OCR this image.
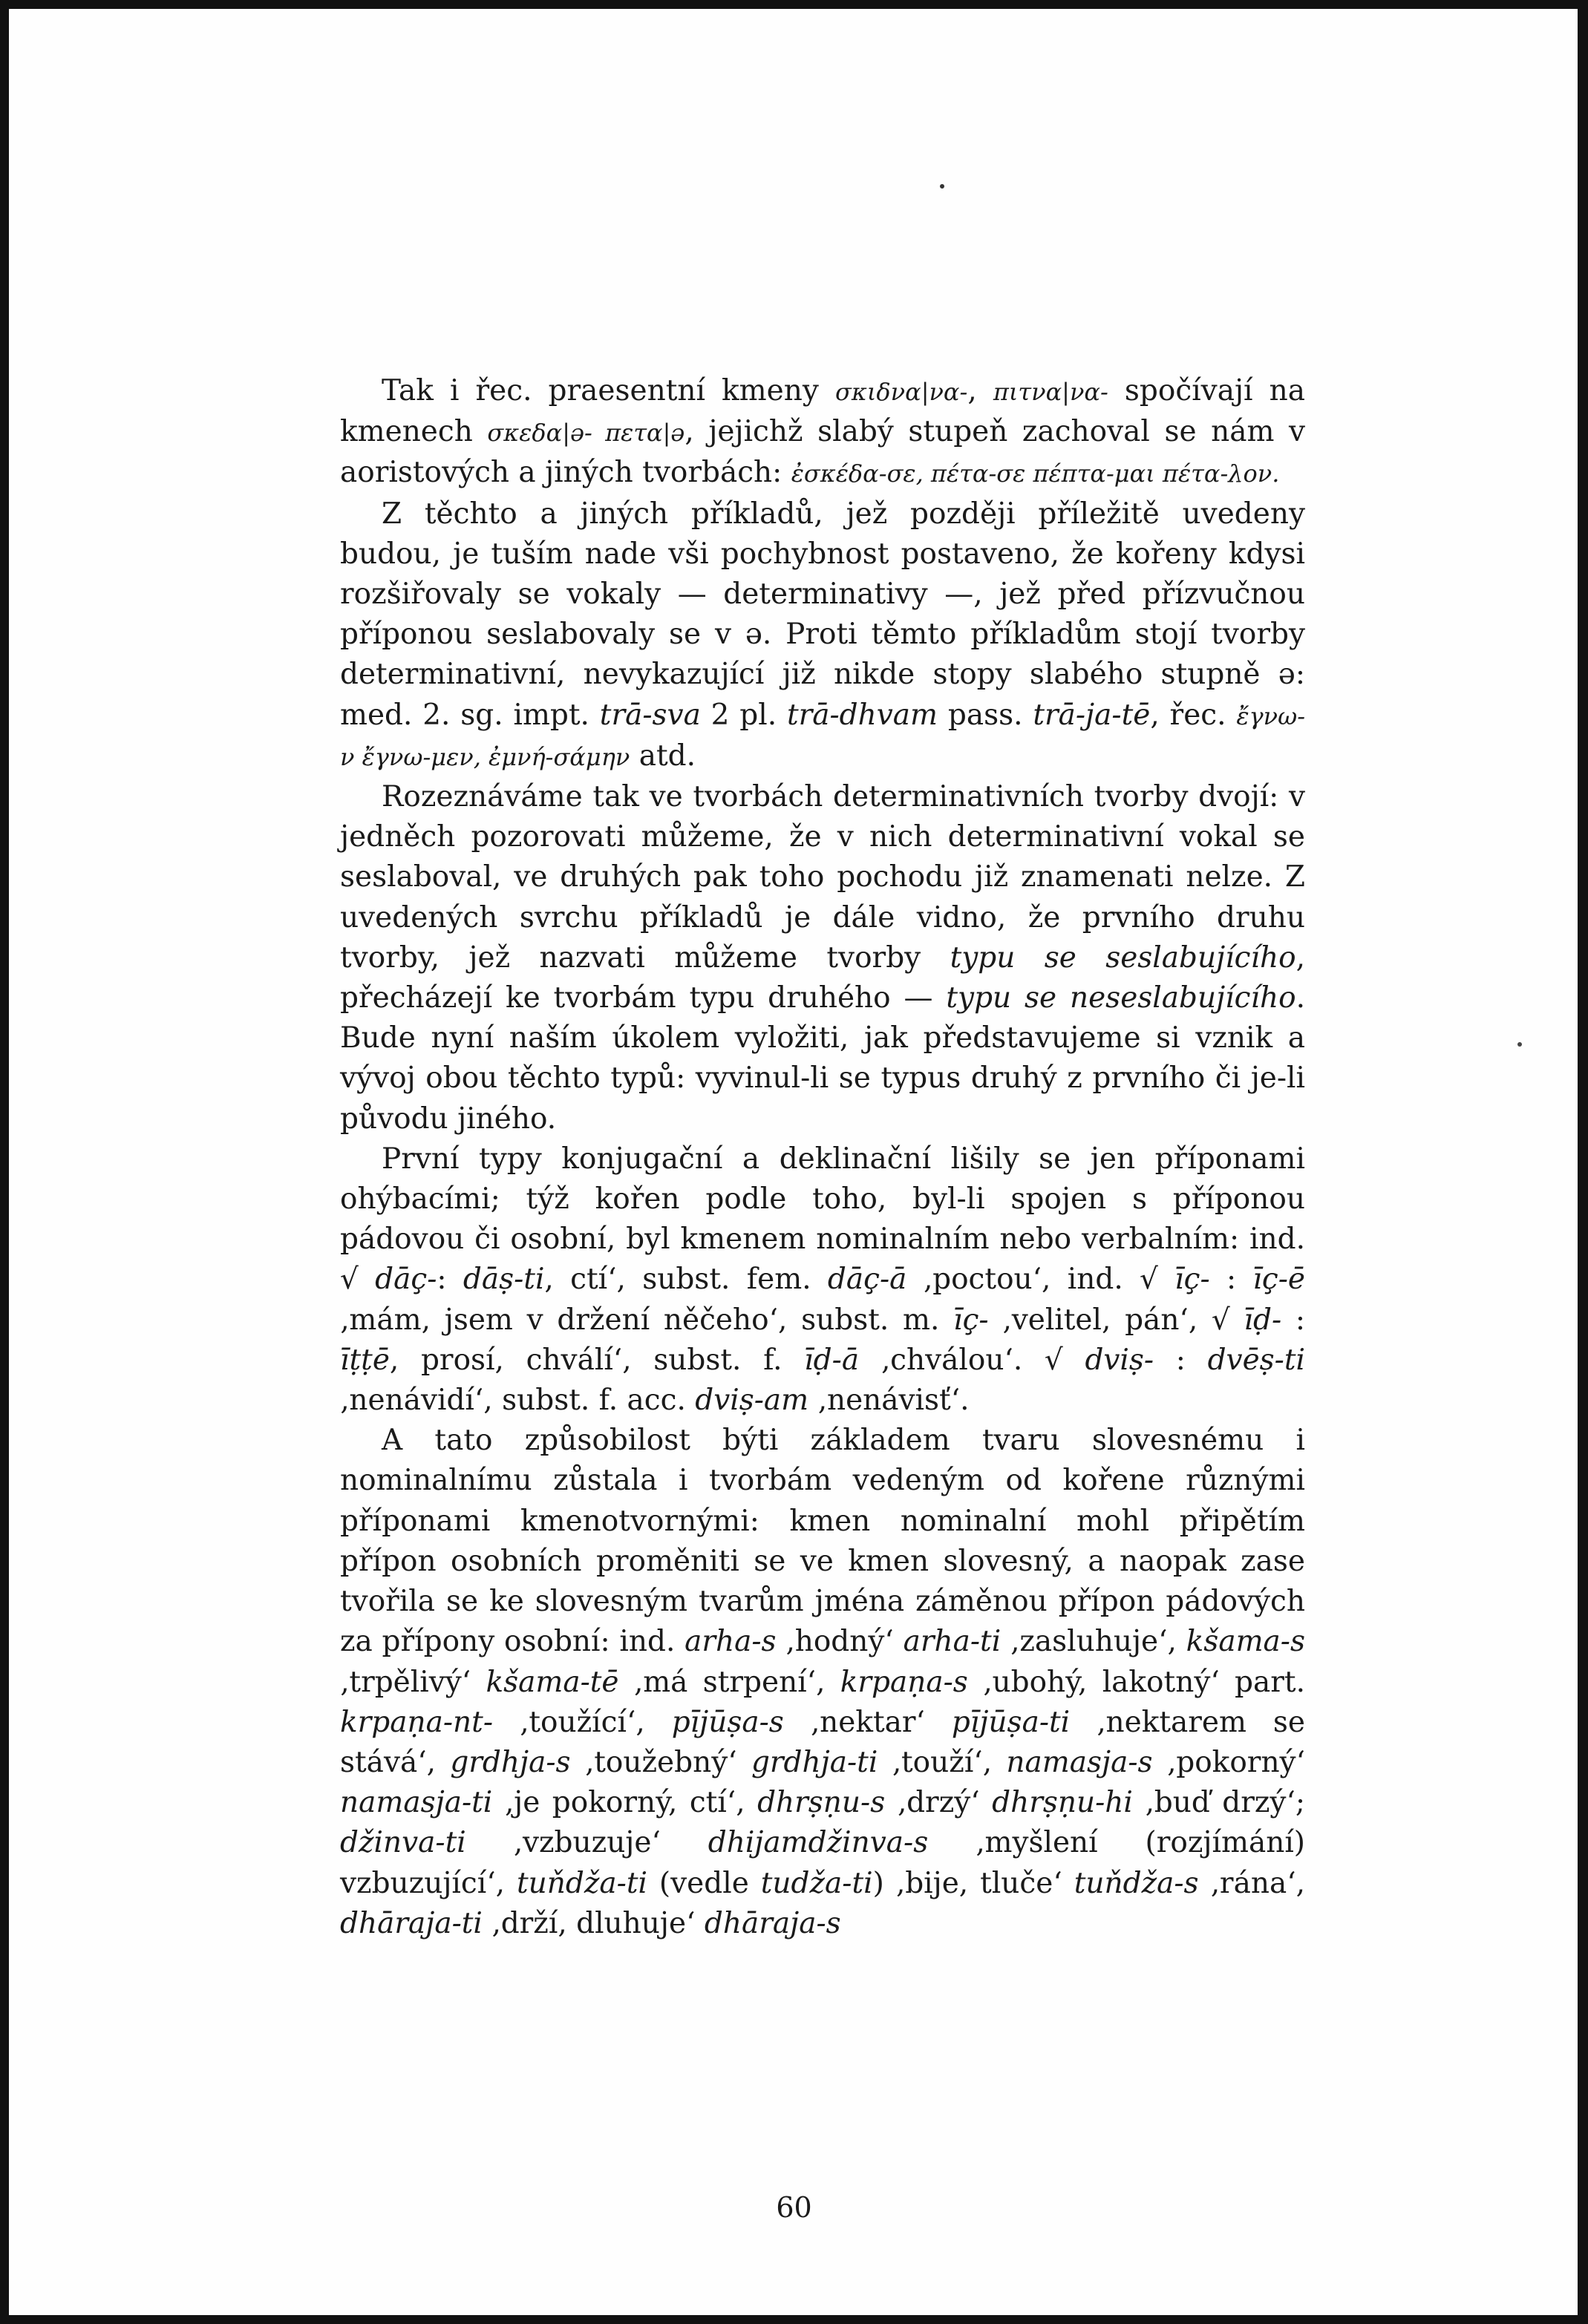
Tak i řec. praesentní kmeny σκιδνα|να-, πιτνα|να- spočívají na kmenech σκεδα|ə- πετα|ə, jejichž slabý stupeň zachoval se nám v aoristových a jiných tvorbách: ἐσκέδα-σε, πέτα-σε πέπτα-μαι πέτα-λον.

Z těchto a jiných příkladů, jež později příležitě uvedeny budou, je tuším nade vši pochybnost postaveno, že kořeny kdysi rozšiřovaly se vokaly — determinativy —, jež před přízvučnou příponou seslabovaly se v ə. Proti těmto příkladům stojí tvorby determinativní, nevykazující již nikde stopy slabého stupně ə: med. 2. sg. impt. trā-sva 2 pl. trā-dhvam pass. trā-ja-tē, řec. ἔγνω-ν ἔγνω-μεν, ἐμνή-σάμην atd.

Rozeznáváme tak ve tvorbách determinativních tvorby dvojí: v jedněch pozorovati můžeme, že v nich determinativní vokal se seslaboval, ve druhých pak toho pochodu již znamenati nelze. Z uvedených svrchu příkladů je dále vidno, že prvního druhu tvorby, jež nazvati můžeme tvorby typu se seslabujícího, přecházejí ke tvorbám typu druhého — typu se neseslabujícího. Bude nyní naším úkolem vyložiti, jak představujeme si vznik a vývoj obou těchto typů: vyvinul-li se typus druhý z prvního či je-li původu jiného.

První typy konjugační a deklinační lišily se jen příponami ohýbacími; týž kořen podle toho, byl-li spojen s příponou pádovou či osobní, byl kmenem nominalním nebo verbalním: ind. √ dāç-: dāṣ-ti, ctí‘, subst. fem. dāç-ā ‚poctou‘, ind. √ īç- : īç-ē ‚mám, jsem v držení něčeho‘, subst. m. īç- ‚velitel, pán‘, √ īḍ- : īṭṭē, prosí, chválí‘, subst. f. īḍ-ā ‚chválou‘. √ dviṣ- : dvēṣ-ti ‚nenávidí‘, subst. f. acc. dviṣ-am ‚nenávisť‘.

A tato způsobilost býti základem tvaru slovesnému i nominalnímu zůstala i tvorbám vedeným od kořene různými příponami kmenotvornými: kmen nominalní mohl připětím přípon osobních proměniti se ve kmen slovesný, a naopak zase tvořila se ke slovesným tvarům jména záměnou přípon pádových za přípony osobní: ind. arha-s ‚hodný‘ arha-ti ‚zasluhuje‘, kšama-s ‚trpělivý‘ kšama-tē ‚má strpení‘, krpaṇa-s ‚ubohý, lakotný‘ part. krpaṇa-nt- ‚toužící‘, pījūṣa-s ‚nektar‘ pījūṣa-ti ‚nektarem se stává‘, grdhja-s ‚toužebný‘ grdhja-ti ‚touží‘, namasja-s ‚pokorný‘ namasja-ti ‚je pokorný, ctí‘, dhrṣṇu-s ‚drzý‘ dhrṣṇu-hi ‚buď drzý‘; džinva-ti ‚vzbuzuje‘ dhijamdžinva-s ‚myšlení (rozjímání) vzbuzující‘, tuňdža-ti (vedle tudža-ti) ‚bije, tluče‘ tuňdža-s ‚rána‘, dhāraja-ti ‚drží, dluhuje‘ dhāraja-s

60
